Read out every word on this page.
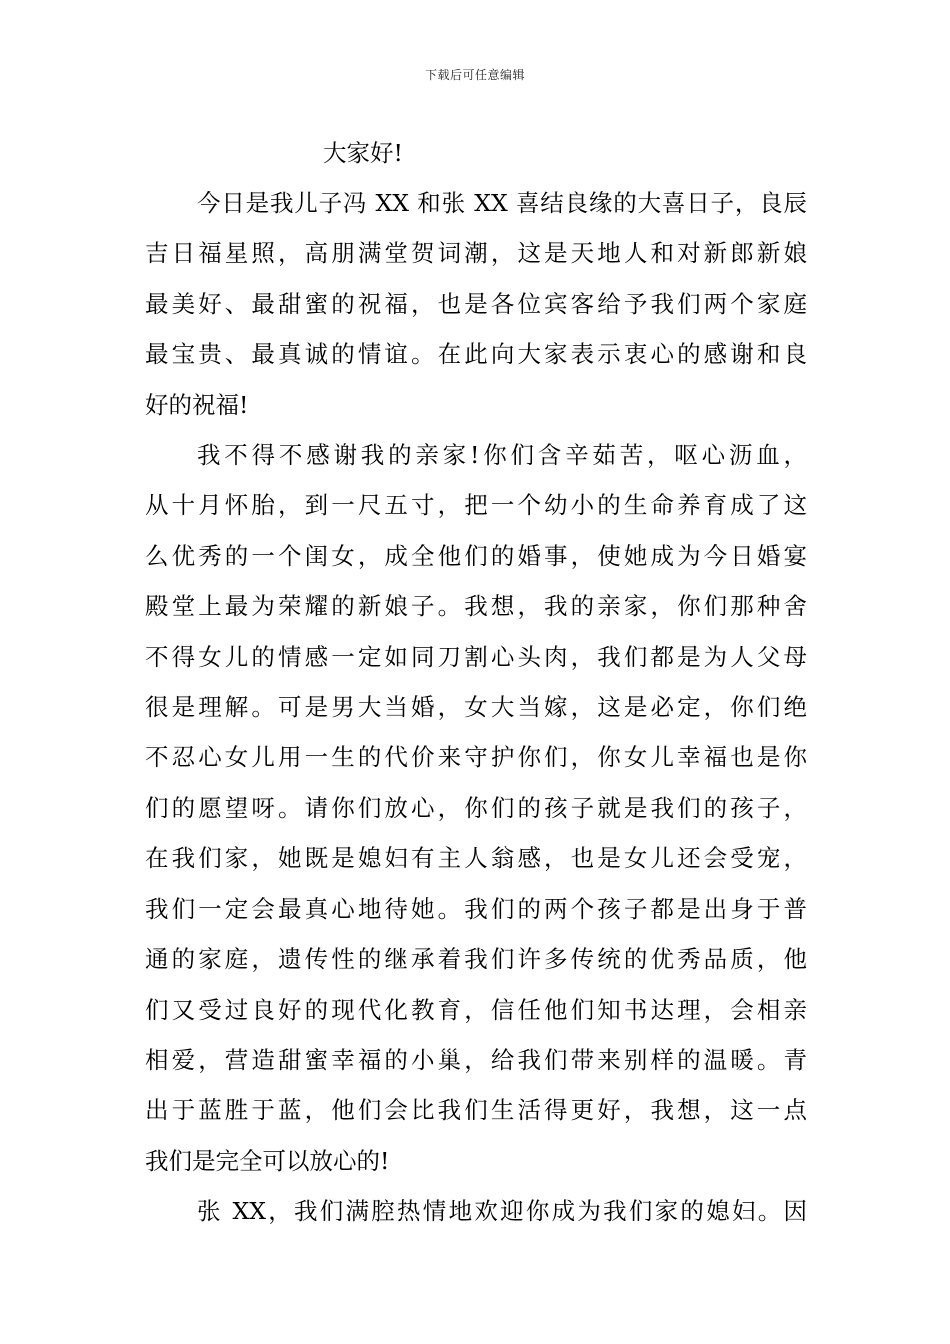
下载后可任意编辑

大家好!

今日是我儿子冯 XX 和张 XX 喜结良缘的大喜日子，良辰
吉日福星照，高朋满堂贺词潮，这是天地人和对新郎新娘
最美好、最甜蜜的祝福，也是各位宾客给予我们两个家庭
最宝贵、最真诚的情谊。在此向大家表示衷心的感谢和良
好的祝福!

我不得不感谢我的亲家!你们含辛茹苦，呕心沥血，
从十月怀胎，到一尺五寸，把一个幼小的生命养育成了这
么优秀的一个闺女，成全他们的婚事，使她成为今日婚宴
殿堂上最为荣耀的新娘子。我想，我的亲家，你们那种舍
不得女儿的情感一定如同刀割心头肉，我们都是为人父母
很是理解。可是男大当婚，女大当嫁，这是必定，你们绝
不忍心女儿用一生的代价来守护你们，你女儿幸福也是你
们的愿望呀。请你们放心，你们的孩子就是我们的孩子，
在我们家，她既是媳妇有主人翁感，也是女儿还会受宠，
我们一定会最真心地待她。我们的两个孩子都是出身于普
通的家庭，遗传性的继承着我们许多传统的优秀品质，他
们又受过良好的现代化教育，信任他们知书达理，会相亲
相爱，营造甜蜜幸福的小巢，给我们带来别样的温暖。青
出于蓝胜于蓝，他们会比我们生活得更好，我想，这一点
我们是完全可以放心的!

张 XX，我们满腔热情地欢迎你成为我们家的媳妇。因
